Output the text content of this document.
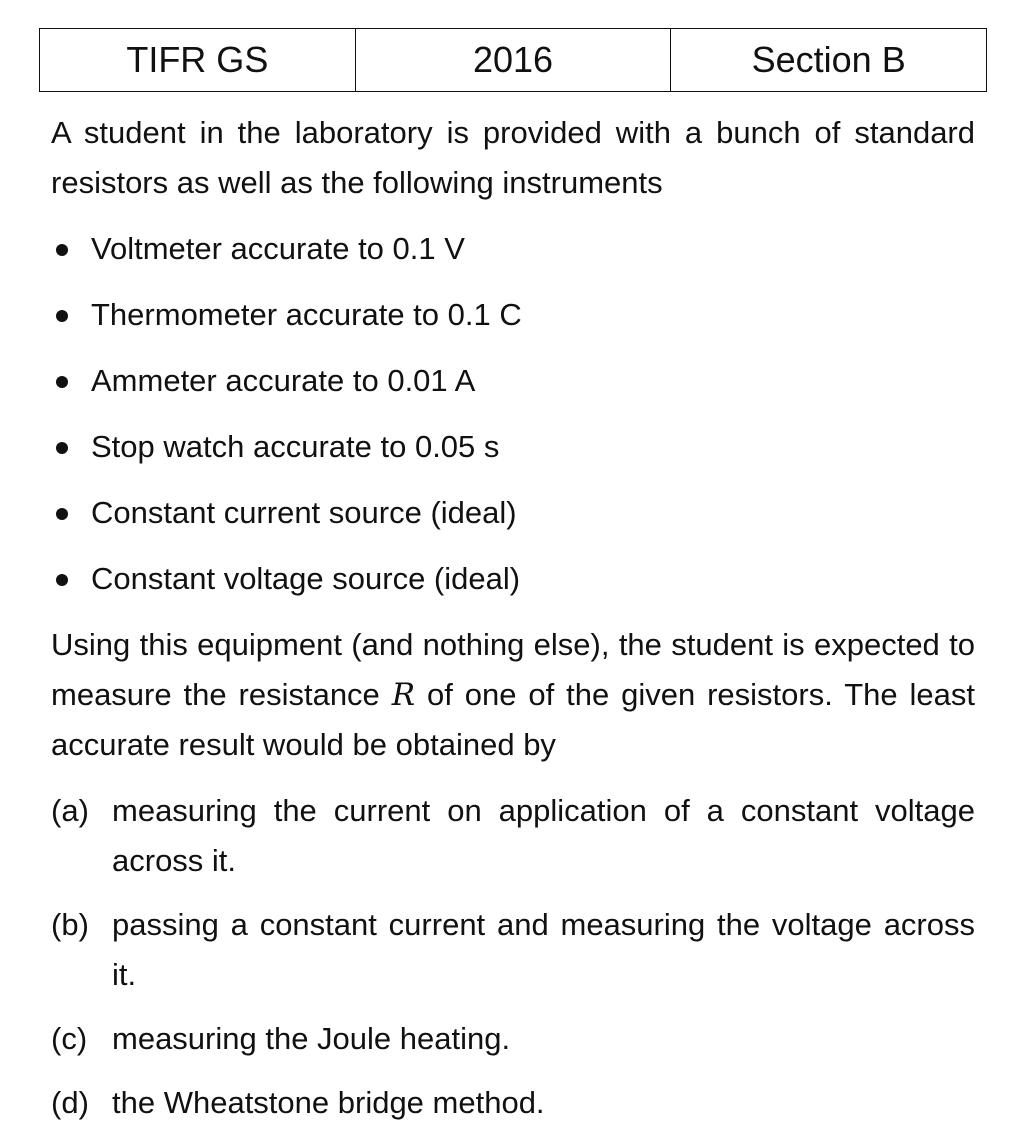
TIFR GS	2016	Section B

A student in the laboratory is provided with a bunch of standard resistors as well as the following instruments

Voltmeter accurate to 0.1 V
Thermometer accurate to 0.1 C
Ammeter accurate to 0.01 A
Stop watch accurate to 0.05 s
Constant current source (ideal)
Constant voltage source (ideal)

Using this equipment (and nothing else), the student is expected to measure the resistance R of one of the given resistors. The least accurate result would be obtained by

(a) measuring the current on application of a constant voltage across it.
(b) passing a constant current and measuring the voltage across it.
(c) measuring the Joule heating.
(d) the Wheatstone bridge method.
